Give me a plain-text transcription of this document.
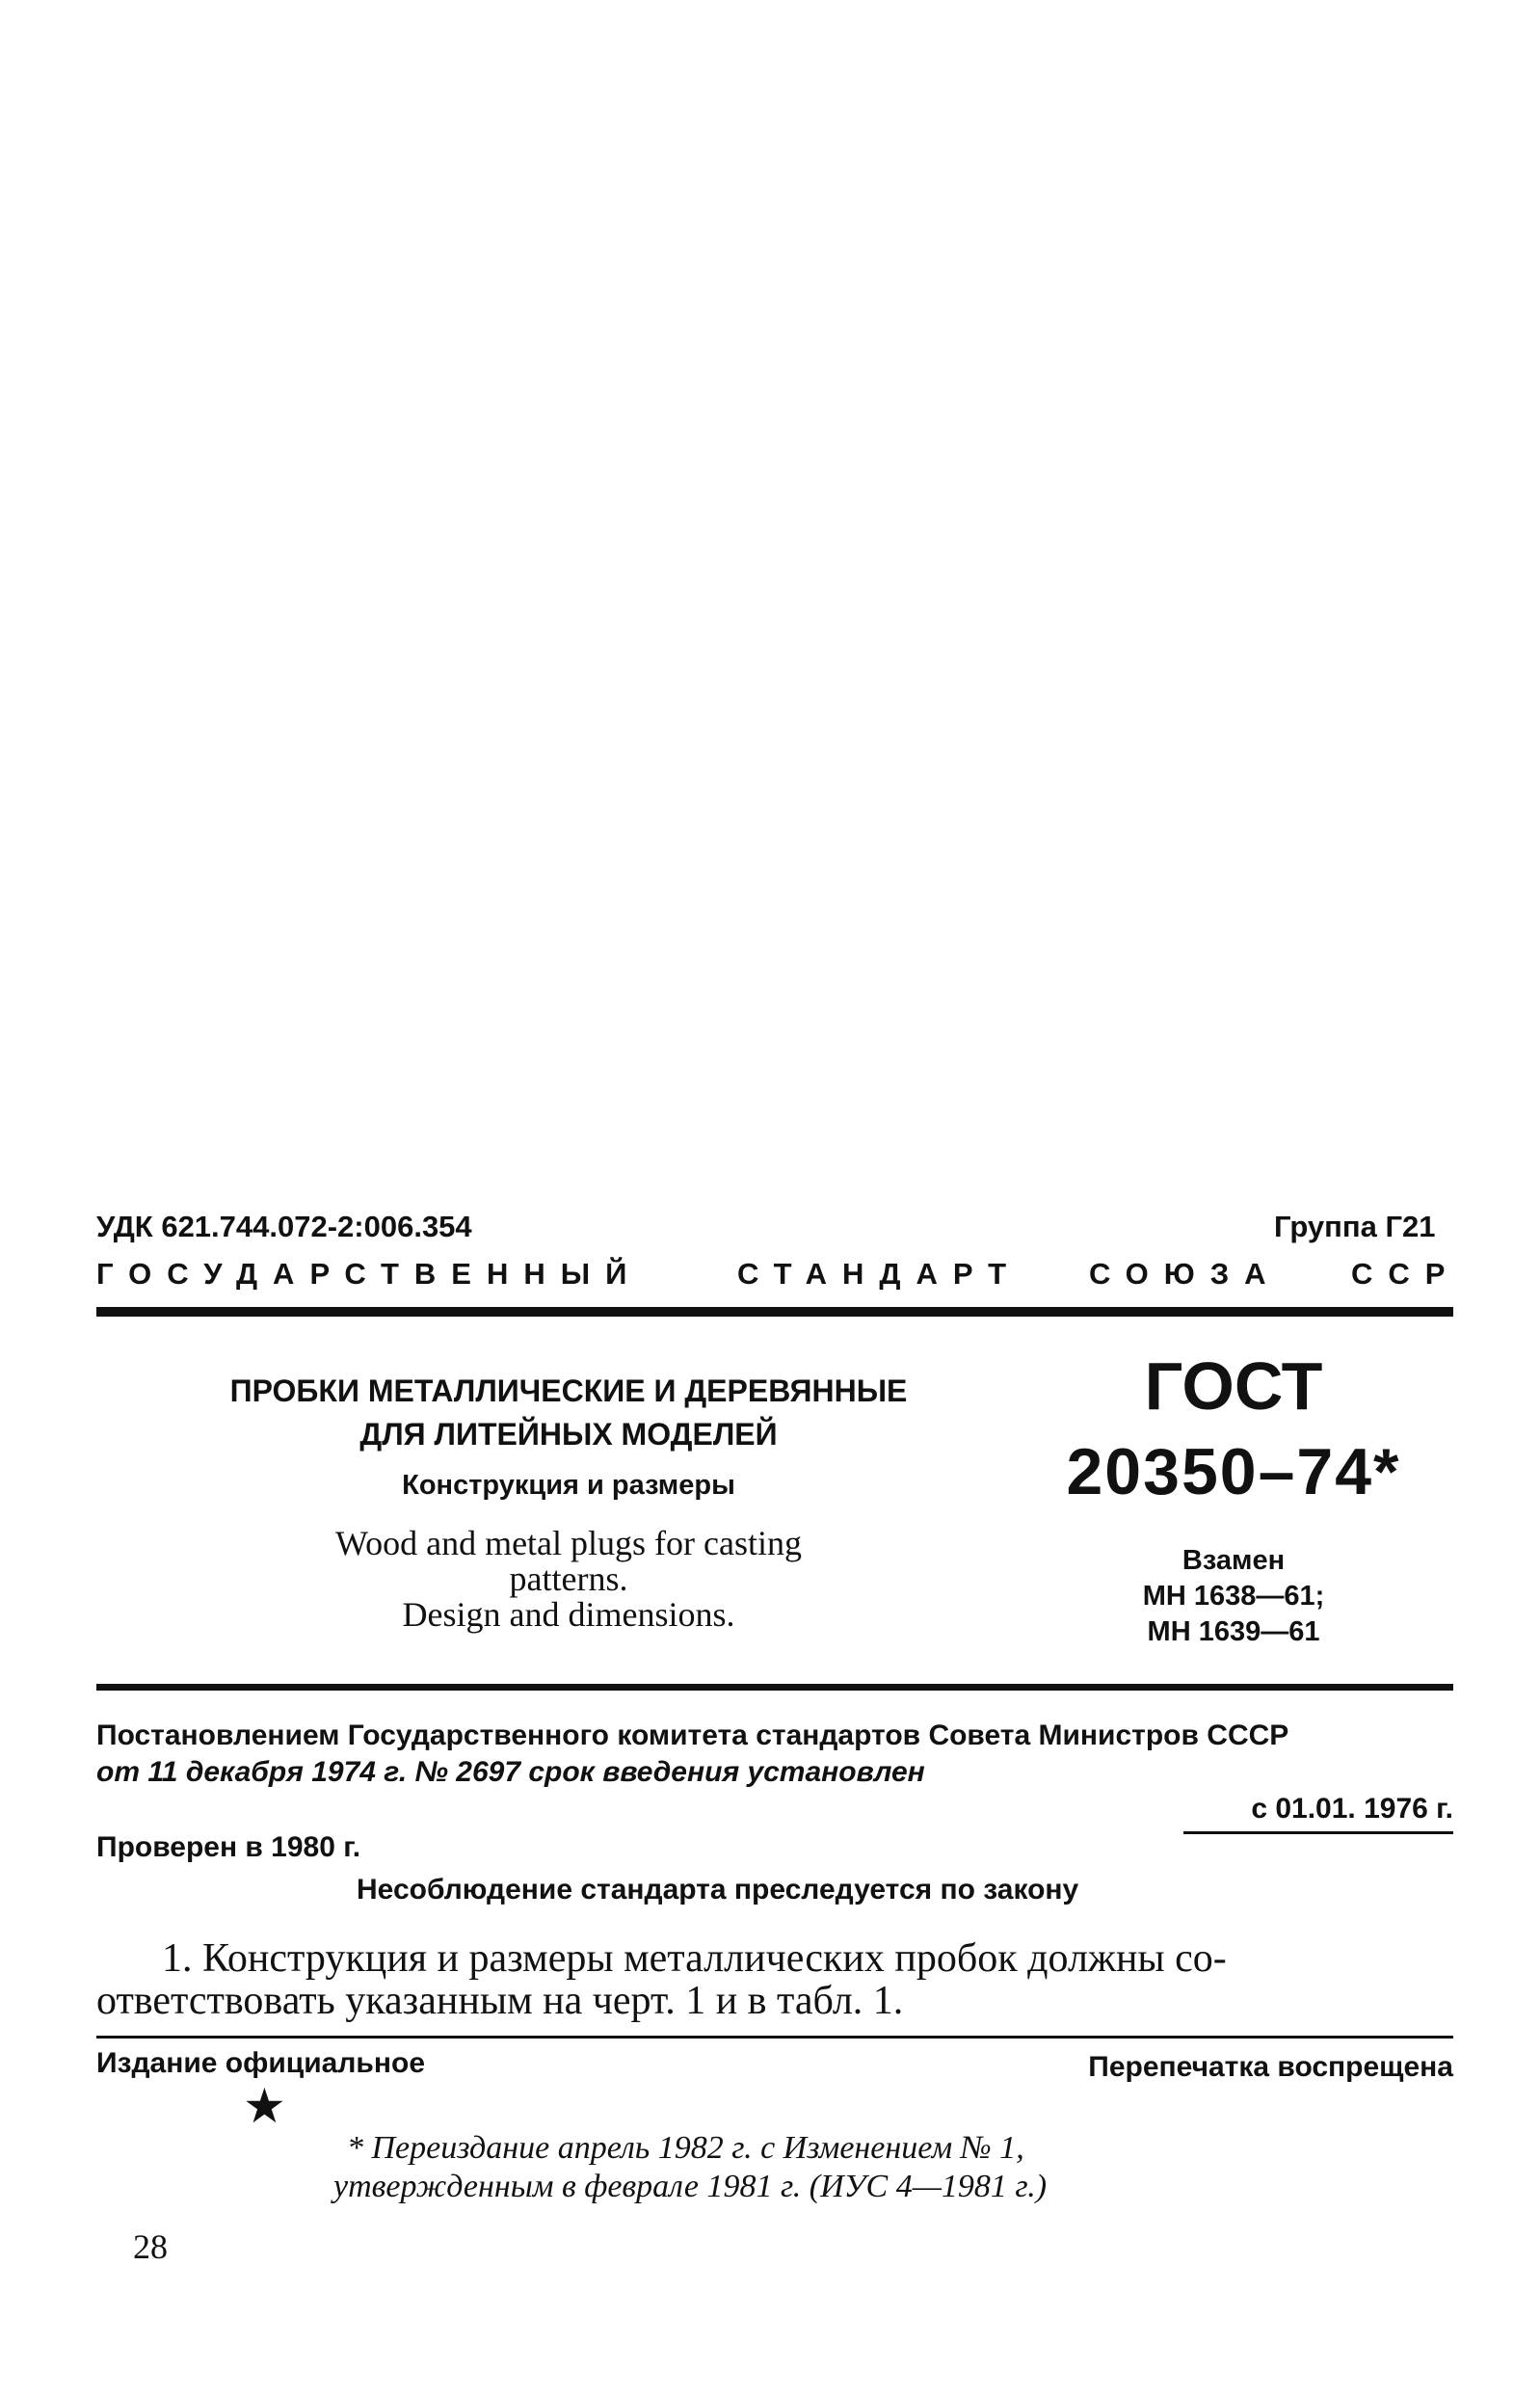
УДК 621.744.072-2:006.354	Группа Г21
ГОСУДАРСТВЕННЫЙ	СТАНДАРТ СОЮЗА ССР
ПРОБКИ МЕТАЛЛИЧЕСКИЕ И ДЕРЕВЯННЫЕ
ДЛЯ ЛИТЕЙНЫХ МОДЕЛЕЙ
Конструкция и размеры
Wood and metal plugs for casting
patterns.
Design and dimensions.
ГОСТ
20350–74*
Взамен
МН 1638—61;
МН 1639—61
Постановлением Государственного комитета стандартов Совета Министров СССР
от 11 декабря 1974 г. № 2697 срок введения установлен
с 01.01. 1976 г.
Проверен в 1980 г.
Несоблюдение стандарта преследуется по закону
1. Конструкция и размеры металлических пробок должны со-
ответствовать указанным на черт. 1 и в табл. 1.
Издание официальное	Перепечатка воспрещена
★
* Переиздание апрель 1982 г. с Изменением № 1,
утвержденным в феврале 1981 г. (ИУС 4—1981 г.)
28
